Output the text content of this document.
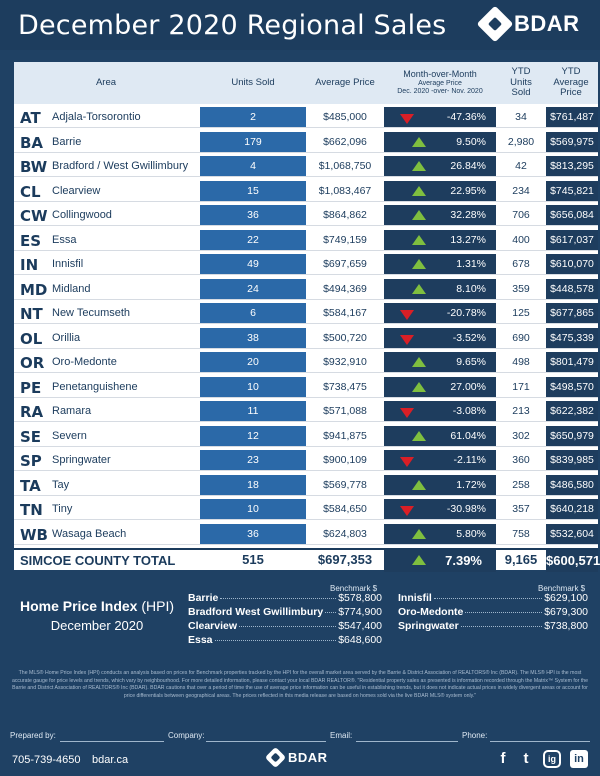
December 2020 Regional Sales	BDAR
Area	Units Sold	Average Price
Month-over-Month
Average Price
Dec. 2020 -over- Nov. 2020
YTD
Units
Sold
YTD
Average
Price
AT Adjala-Torsorontio	2	$485,000	-47.36%	34	$761,487
BA Barrie	179	$662,096	9.50%	2,980	$569,975
BW Bradford / West Gwillimbury	4	$1,068,750	26.84%	42	$813,295
CL Clearview	15	$1,083,467	22.95%	234	$745,821
CW Collingwood	36	$864,862	32.28%	706	$656,084
ES Essa	22	$749,159	13.27%	400	$617,037
IN Innisfil	49	$697,659	1.31%	678	$610,070
MD Midland	24	$494,369	8.10%	359	$448,578
NT New Tecumseth	6	$584,167	-20.78%	125	$677,865
OL Orillia	38	$500,720	-3.52%	690	$475,339
OR Oro-Medonte	20	$932,910	9.65%	498	$801,479
PE Penetanguishene	10	$738,475	27.00%	171	$498,570
RA Ramara	11	$571,088	-3.08%	213	$622,382
SE Severn	12	$941,875	61.04%	302	$650,979
SP Springwater	23	$900,109	-2.11%	360	$839,985
TA Tay	18	$569,778	1.72%	258	$486,580
TN Tiny	10	$584,650	-30.98%	357	$640,218
WB Wasaga Beach	36	$624,803	5.80%	758	$532,604
SIMCOE COUNTY TOTAL	515	$697,353	7.39%	9,165 $600,571
Home Price Index (HPI)
December 2020
Benchmark $	Benchmark $
Barrie	$578,800
Bradford West Gwillimbury $774,900
Clearview	$547,400
Essa	$648,600
Innisfil	$629,100
Oro-Medonte	$679,300
Springwater	$738,800
The MLS® Home Price Index (HPI) conducts an analysis based on prices for Benchmark properties tracked by the HPI for the overall market area served by the Barrie & District Association of REALTORS® Inc (BDAR). The MLS® HPI is the most accurate gauge for price levels and trends, which vary by neighbourhood. For more detailed information, please contact your local BDAR REALTOR®. "Residential property sales as presented is information recorded through the Matrix™ System for the Barrie and District Association of REALTORS® Inc (BDAR). BDAR cautions that over a period of time the use of average price information can be useful in establishing trends, but it does not indicate actual prices in widely divergent areas or account for price differentials between geographical areas. The prices reflected in this media release are based on homes sold via the live BDAR MLS® system only."
Prepared by:	Company:	Email:	Phone:
705-739-4650 bdar.ca	BDAR	f	t	ig	in
